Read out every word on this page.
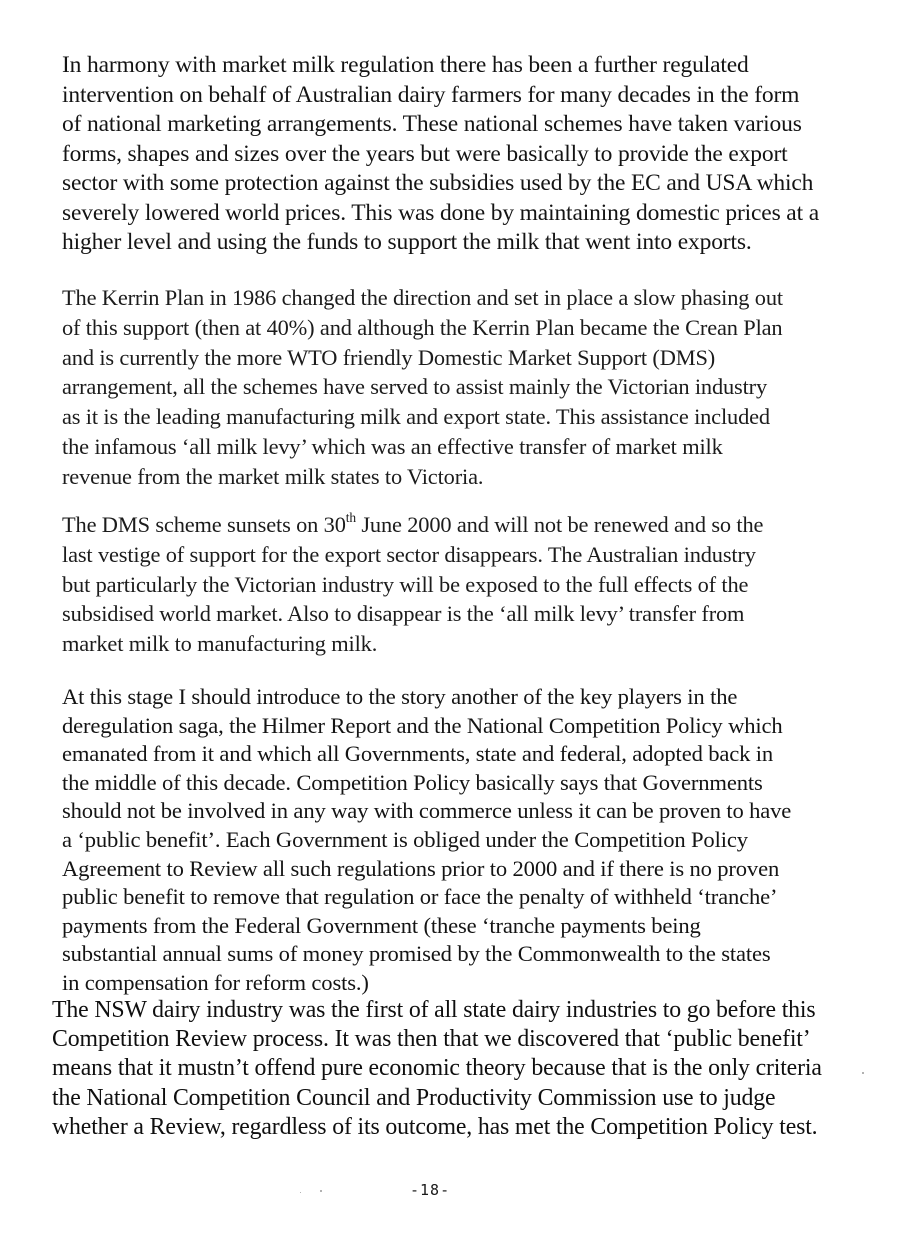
In harmony with market milk regulation there has been a further regulated
intervention on behalf of Australian dairy farmers for many decades in the form
of national marketing arrangements. These national schemes have taken various
forms, shapes and sizes over the years but were basically to provide the export
sector with some protection against the subsidies used by the EC and USA which
severely lowered world prices. This was done by maintaining domestic prices at a
higher level and using the funds to support the milk that went into exports.

The Kerrin Plan in 1986 changed the direction and set in place a slow phasing out
of this support (then at 40%) and although the Kerrin Plan became the Crean Plan
and is currently the more WTO friendly Domestic Market Support (DMS)
arrangement, all the schemes have served to assist mainly the Victorian industry
as it is the leading manufacturing milk and export state. This assistance included
the infamous ‘all milk levy’ which was an effective transfer of market milk
revenue from the market milk states to Victoria.

The DMS scheme sunsets on 30th June 2000 and will not be renewed and so the
last vestige of support for the export sector disappears. The Australian industry
but particularly the Victorian industry will be exposed to the full effects of the
subsidised world market. Also to disappear is the ‘all milk levy’ transfer from
market milk to manufacturing milk.

At this stage I should introduce to the story another of the key players in the
deregulation saga, the Hilmer Report and the National Competition Policy which
emanated from it and which all Governments, state and federal, adopted back in
the middle of this decade. Competition Policy basically says that Governments
should not be involved in any way with commerce unless it can be proven to have
a ‘public benefit’. Each Government is obliged under the Competition Policy
Agreement to Review all such regulations prior to 2000 and if there is no proven
public benefit to remove that regulation or face the penalty of withheld ‘tranche’
payments from the Federal Government (these ‘tranche payments being
substantial annual sums of money promised by the Commonwealth to the states
in compensation for reform costs.)

The NSW dairy industry was the first of all state dairy industries to go before this
Competition Review process. It was then that we discovered that ‘public benefit’
means that it mustn’t offend pure economic theory because that is the only criteria
the National Competition Council and Productivity Commission use to judge
whether a Review, regardless of its outcome, has met the Competition Policy test.

-18-
